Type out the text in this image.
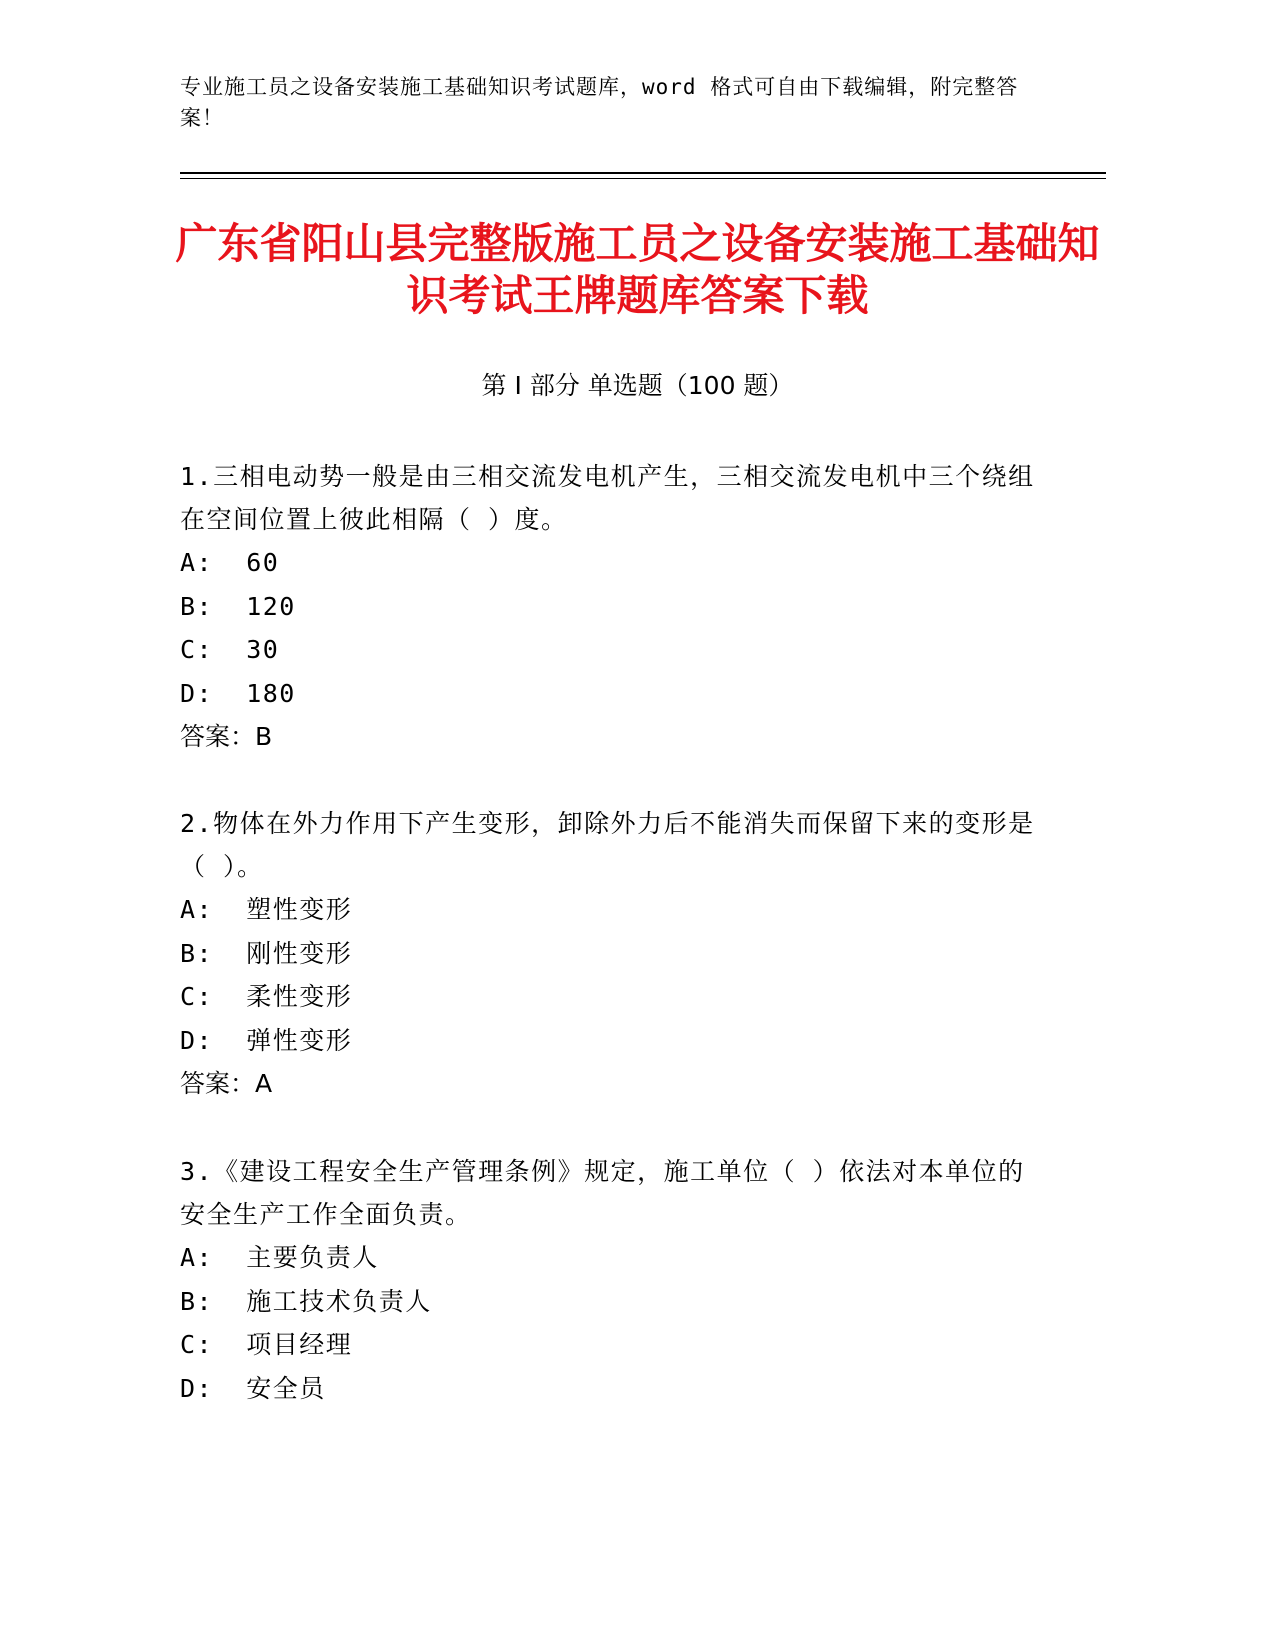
专业施工员之设备安装施工基础知识考试题库，word 格式可自由下载编辑，附完整答案！
广东省阳山县完整版施工员之设备安装施工基础知识考试王牌题库答案下载
第 I 部分 单选题（100 题）
1.三相电动势一般是由三相交流发电机产生，三相交流发电机中三个绕组在空间位置上彼此相隔（ ）度。
A:  60
B:  120
C:  30
D:  180
答案：B
2.物体在外力作用下产生变形，卸除外力后不能消失而保留下来的变形是（ ）。
A:  塑性变形
B:  刚性变形
C:  柔性变形
D:  弹性变形
答案：A
3.《建设工程安全生产管理条例》规定，施工单位（ ）依法对本单位的安全生产工作全面负责。
A:  主要负责人
B:  施工技术负责人
C:  项目经理
D:  安全员
